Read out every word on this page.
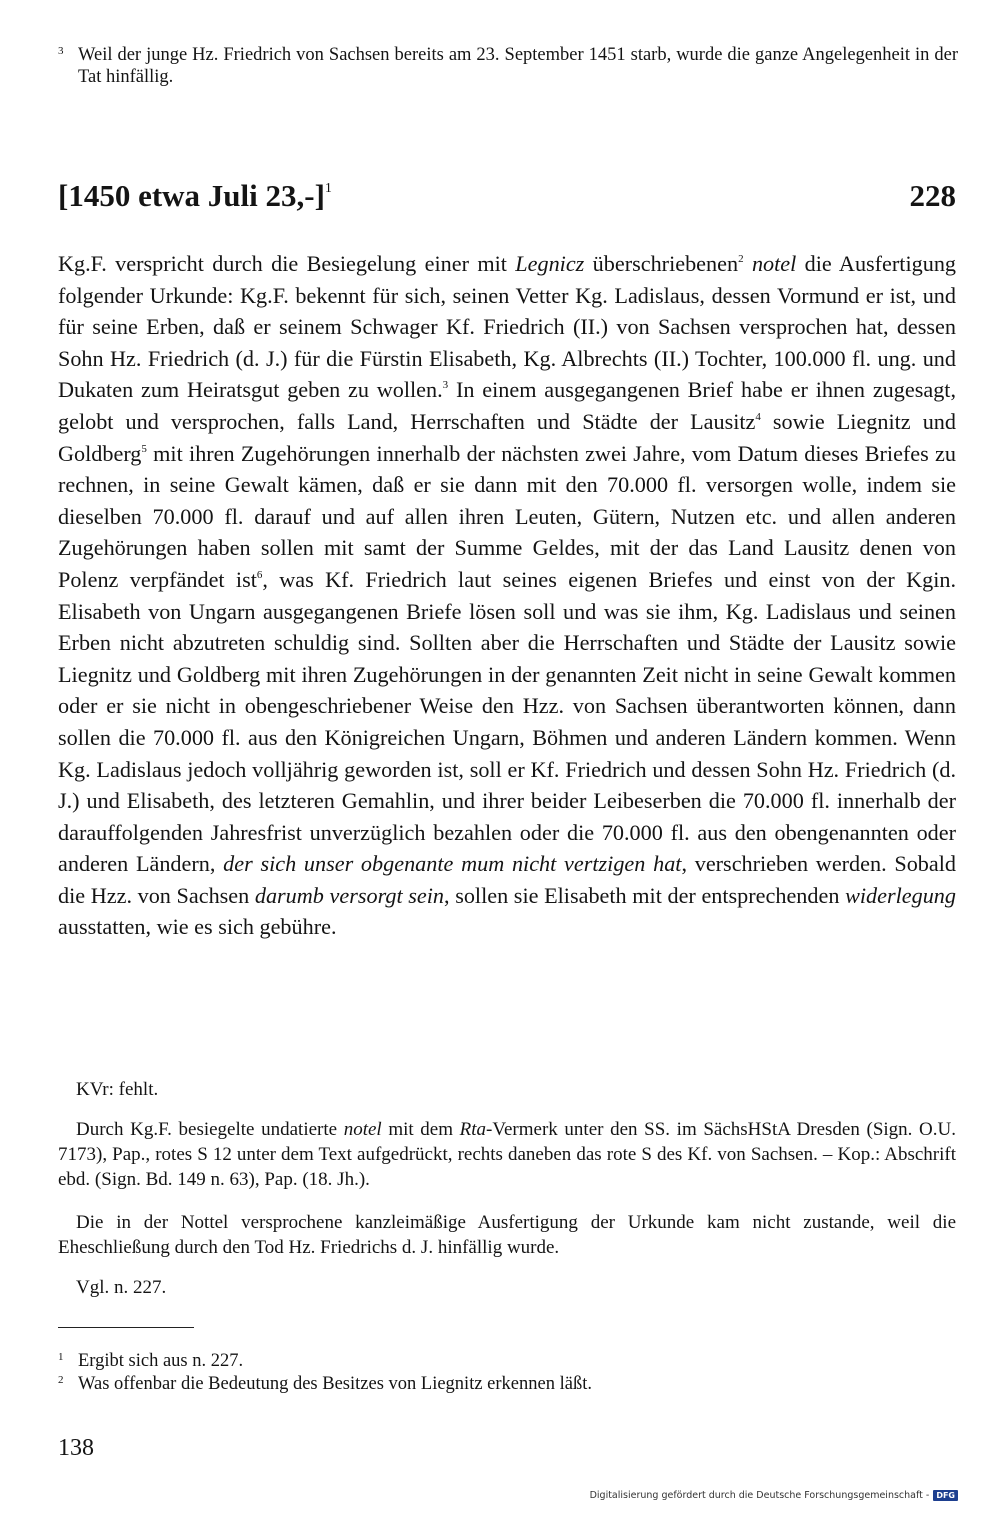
3 Weil der junge Hz. Friedrich von Sachsen bereits am 23. September 1451 starb, wurde die ganze Angelegenheit in der Tat hinfällig.
[1450 etwa Juli 23,-]$^1$	228
Kg.F. verspricht durch die Besiegelung einer mit Legnicz überschriebenen$^2$ notel die Ausfertigung folgender Urkunde: Kg.F. bekennt für sich, seinen Vetter Kg. Ladislaus, dessen Vormund er ist, und für seine Erben, daß er seinem Schwager Kf. Friedrich (II.) von Sachsen versprochen hat, dessen Sohn Hz. Friedrich (d. J.) für die Fürstin Elisabeth, Kg. Albrechts (II.) Tochter, 100.000 fl. ung. und Dukaten zum Heiratsgut geben zu wollen.$^3$ In einem ausgegangenen Brief habe er ihnen zugesagt, gelobt und versprochen, falls Land, Herrschaften und Städte der Lausitz$^4$ sowie Liegnitz und Goldberg$^5$ mit ihren Zugehörungen innerhalb der nächsten zwei Jahre, vom Datum dieses Briefes zu rechnen, in seine Gewalt kämen, daß er sie dann mit den 70.000 fl. versorgen wolle, indem sie dieselben 70.000 fl. darauf und auf allen ihren Leuten, Gütern, Nutzen etc. und allen anderen Zugehörungen haben sollen mit samt der Summe Geldes, mit der das Land Lausitz denen von Polenz verpfändet ist$^6$, was Kf. Friedrich laut seines eigenen Briefes und einst von der Kgin. Elisabeth von Ungarn ausgegangenen Briefe lösen soll und was sie ihm, Kg. Ladislaus und seinen Erben nicht abzutreten schuldig sind. Sollten aber die Herrschaften und Städte der Lausitz sowie Liegnitz und Goldberg mit ihren Zugehörungen in der genannten Zeit nicht in seine Gewalt kommen oder er sie nicht in obengeschriebener Weise den Hzz. von Sachsen überantworten können, dann sollen die 70.000 fl. aus den Königreichen Ungarn, Böhmen und anderen Ländern kommen. Wenn Kg. Ladislaus jedoch volljährig geworden ist, soll er Kf. Friedrich und dessen Sohn Hz. Friedrich (d. J.) und Elisabeth, des letzteren Gemahlin, und ihrer beider Leibeserben die 70.000 fl. innerhalb der darauffolgenden Jahresfrist unverzüglich bezahlen oder die 70.000 fl. aus den obengenannten oder anderen Ländern, der sich unser obgenante mum nicht vertzigen hat, verschrieben werden. Sobald die Hzz. von Sachsen darumb versorgt sein, sollen sie Elisabeth mit der entsprechenden widerlegung ausstatten, wie es sich gebühre.
KVr: fehlt.
Durch Kg.F. besiegelte undatierte notel mit dem Rta-Vermerk unter den SS. im SächsHStA Dresden (Sign. O.U. 7173), Pap., rotes S 12 unter dem Text aufgedrückt, rechts daneben das rote S des Kf. von Sachsen. – Kop.: Abschrift ebd. (Sign. Bd. 149 n. 63), Pap. (18. Jh.).
Die in der Nottel versprochene kanzleimäßige Ausfertigung der Urkunde kam nicht zustande, weil die Eheschließung durch den Tod Hz. Friedrichs d. J. hinfällig wurde.
Vgl. n. 227.
1 Ergibt sich aus n. 227.
2 Was offenbar die Bedeutung des Besitzes von Liegnitz erkennen läßt.
138
Digitalisierung gefördert durch die Deutsche Forschungsgemeinschaft - DFG
